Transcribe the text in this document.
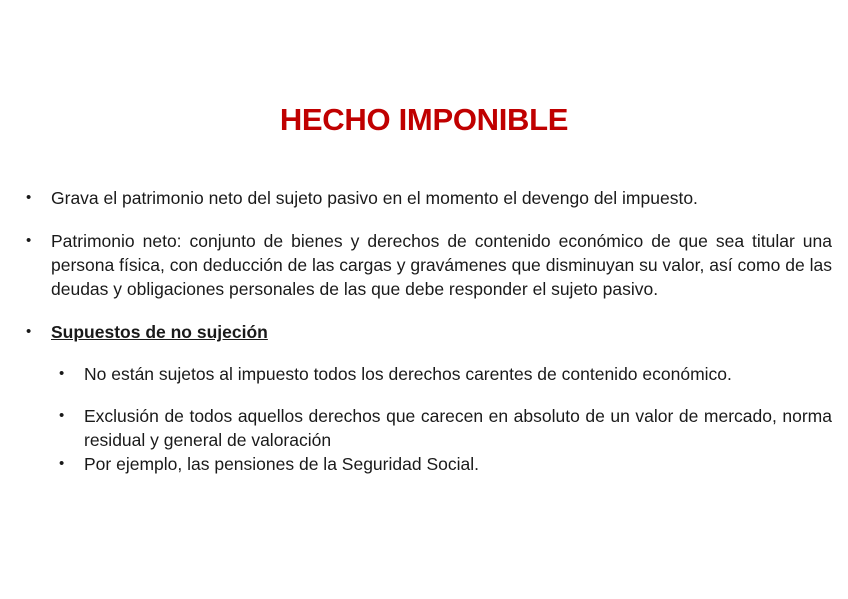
HECHO IMPONIBLE
•	Grava el patrimonio neto del sujeto pasivo en el momento el devengo del impuesto.
•	Patrimonio neto: conjunto de bienes y derechos de contenido económico de que sea titular una persona física, con deducción de las cargas y gravámenes que disminuyan su valor, así como de las deudas y obligaciones personales de las que debe responder el sujeto pasivo.
•	Supuestos de no sujeción
•	No están sujetos al impuesto todos los derechos carentes de contenido económico.
•	Exclusión de todos aquellos derechos que carecen en absoluto de un valor de mercado, norma residual y general de valoración
•	Por ejemplo, las pensiones de la Seguridad Social.
